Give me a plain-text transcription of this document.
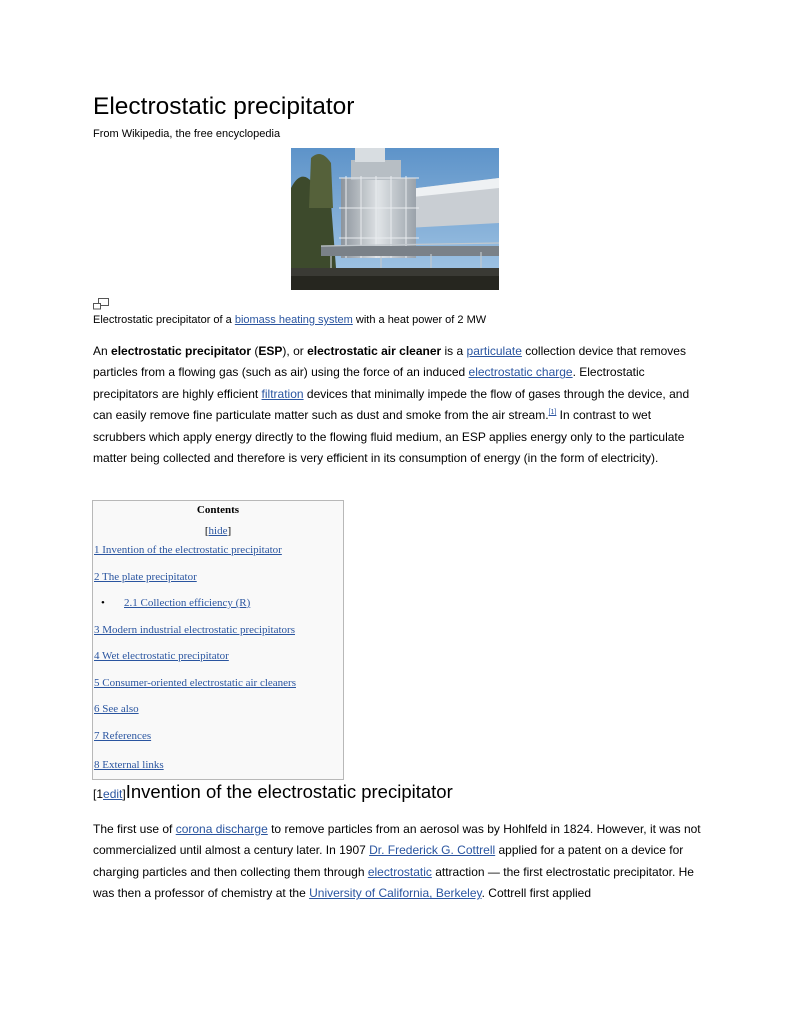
Electrostatic precipitator
From Wikipedia, the free encyclopedia
Electrostatic precipitator of a biomass heating system with a heat power of 2 MW

An electrostatic precipitator (ESP), or electrostatic air cleaner is a particulate collection device that removes particles from a flowing gas (such as air) using the force of an induced electrostatic charge. Electrostatic precipitators are highly efficient filtration devices that minimally impede the flow of gases through the device, and can easily remove fine particulate matter such as dust and smoke from the air stream.[1] In contrast to wet scrubbers which apply energy directly to the flowing fluid medium, an ESP applies energy only to the particulate matter being collected and therefore is very efficient in its consumption of energy (in the form of electricity).

Contents
[hide]
1 Invention of the electrostatic precipitator
2 The plate precipitator
• 2.1 Collection efficiency (R)
3 Modern industrial electrostatic precipitators
4 Wet electrostatic precipitator
5 Consumer-oriented electrostatic air cleaners
6 See also
7 References
8 External links
[1edit]Invention of the electrostatic precipitator

The first use of corona discharge to remove particles from an aerosol was by Hohlfeld in 1824. However, it was not commercialized until almost a century later. In 1907 Dr. Frederick G. Cottrell applied for a patent on a device for charging particles and then collecting them through electrostatic attraction — the first electrostatic precipitator. He was then a professor of chemistry at the University of California, Berkeley. Cottrell first applied
